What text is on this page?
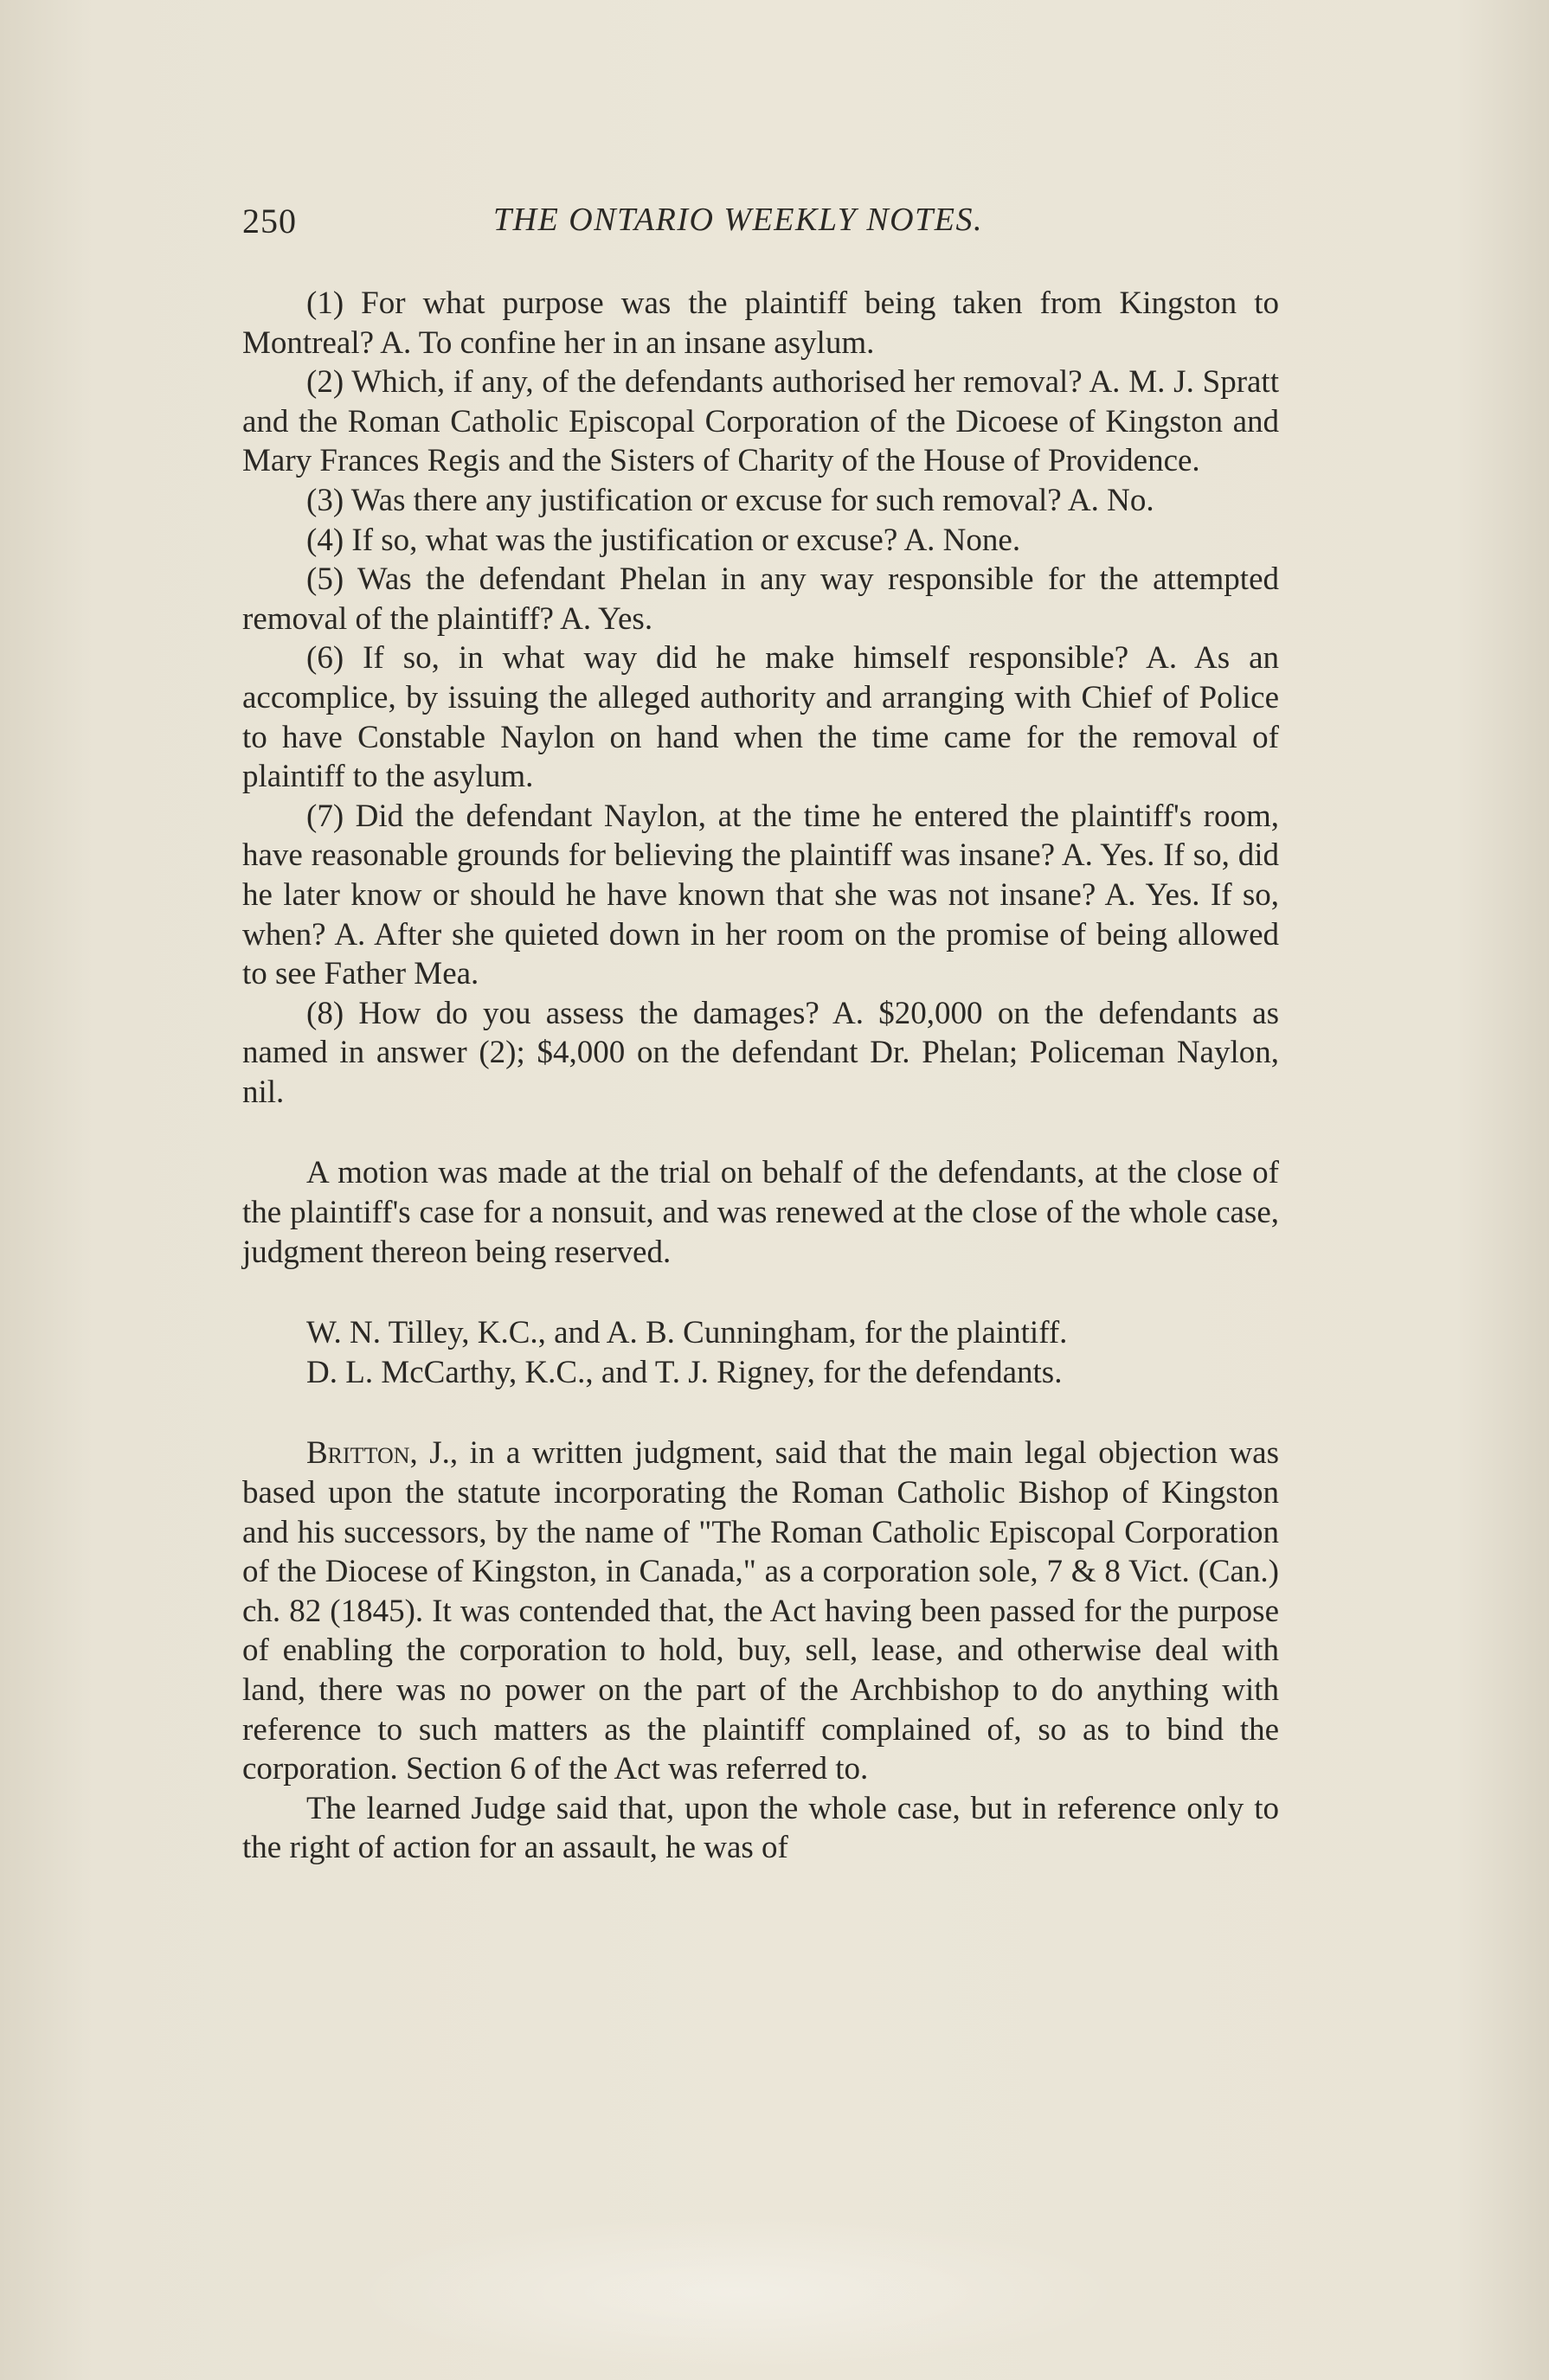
250	THE ONTARIO WEEKLY NOTES.

(1) For what purpose was the plaintiff being taken from Kingston to Montreal? A. To confine her in an insane asylum.

(2) Which, if any, of the defendants authorised her removal? A. M. J. Spratt and the Roman Catholic Episcopal Corporation of the Dicoese of Kingston and Mary Frances Regis and the Sisters of Charity of the House of Providence.

(3) Was there any justification or excuse for such removal? A. No.

(4) If so, what was the justification or excuse? A. None.

(5) Was the defendant Phelan in any way responsible for the attempted removal of the plaintiff? A. Yes.

(6) If so, in what way did he make himself responsible? A. As an accomplice, by issuing the alleged authority and arranging with Chief of Police to have Constable Naylon on hand when the time came for the removal of plaintiff to the asylum.

(7) Did the defendant Naylon, at the time he entered the plaintiff's room, have reasonable grounds for believing the plaintiff was insane? A. Yes. If so, did he later know or should he have known that she was not insane? A. Yes. If so, when? A. After she quieted down in her room on the promise of being allowed to see Father Mea.

(8) How do you assess the damages? A. $20,000 on the defendants as named in answer (2); $4,000 on the defendant Dr. Phelan; Policeman Naylon, nil.

A motion was made at the trial on behalf of the defendants, at the close of the plaintiff's case for a nonsuit, and was renewed at the close of the whole case, judgment thereon being reserved.

W. N. Tilley, K.C., and A. B. Cunningham, for the plaintiff.

D. L. McCarthy, K.C., and T. J. Rigney, for the defendants.

Britton, J., in a written judgment, said that the main legal objection was based upon the statute incorporating the Roman Catholic Bishop of Kingston and his successors, by the name of "The Roman Catholic Episcopal Corporation of the Diocese of Kingston, in Canada," as a corporation sole, 7 & 8 Vict. (Can.) ch. 82 (1845). It was contended that, the Act having been passed for the purpose of enabling the corporation to hold, buy, sell, lease, and otherwise deal with land, there was no power on the part of the Archbishop to do anything with reference to such matters as the plaintiff complained of, so as to bind the corporation. Section 6 of the Act was referred to.

The learned Judge said that, upon the whole case, but in reference only to the right of action for an assault, he was of
